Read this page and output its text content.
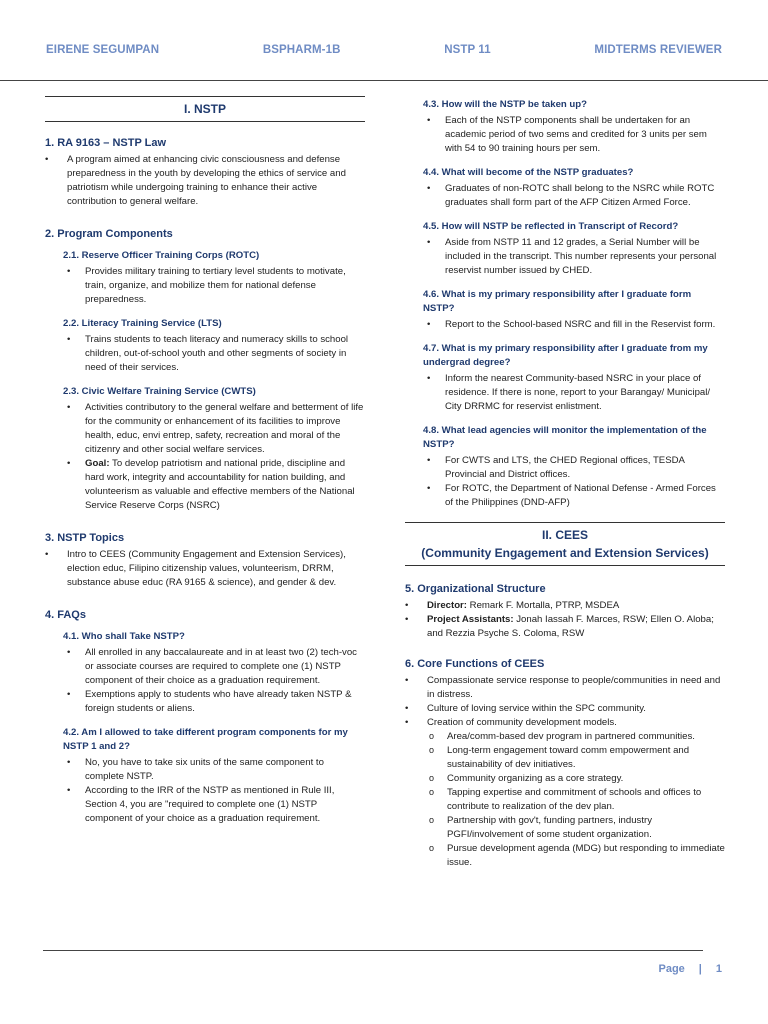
EIRENE SEGUMPAN	BSPHARM-1B	NSTP 11	MIDTERMS REVIEWER
I. NSTP
1. RA 9163 – NSTP Law
• A program aimed at enhancing civic consciousness and defense preparedness in the youth by developing the ethics of service and patriotism while undergoing training to enhance their active contribution to general welfare.
2. Program Components
2.1. Reserve Officer Training Corps (ROTC)
• Provides military training to tertiary level students to motivate, train, organize, and mobilize them for national defense preparedness.
2.2. Literacy Training Service (LTS)
• Trains students to teach literacy and numeracy skills to school children, out-of-school youth and other segments of society in need of their services.
2.3. Civic Welfare Training Service (CWTS)
• Activities contributory to the general welfare and betterment of life for the community or enhancement of its facilities to improve health, educ, envi entrep, safety, recreation and moral of the citizenry and other social welfare services.
• Goal: To develop patriotism and national pride, discipline and hard work, integrity and accountability for nation building, and volunteerism as valuable and effective members of the National Service Reserve Corps (NSRC)
3. NSTP Topics
• Intro to CEES (Community Engagement and Extension Services), election educ, Filipino citizenship values, volunteerism, DRRM, substance abuse educ (RA 9165 & science), and gender & dev.
4. FAQs
4.1. Who shall Take NSTP?
• All enrolled in any baccalaureate and in at least two (2) tech-voc or associate courses are required to complete one (1) NSTP component of their choice as a graduation requirement.
• Exemptions apply to students who have already taken NSTP & foreign students or aliens.
4.2. Am I allowed to take different program components for my NSTP 1 and 2?
• No, you have to take six units of the same component to complete NSTP.
• According to the IRR of the NSTP as mentioned in Rule III, Section 4, you are "required to complete one (1) NSTP component of your choice as a graduation requirement.
4.3. How will the NSTP be taken up?
• Each of the NSTP components shall be undertaken for an academic period of two sems and credited for 3 units per sem with 54 to 90 training hours per sem.
4.4. What will become of the NSTP graduates?
• Graduates of non-ROTC shall belong to the NSRC while ROTC graduates shall form part of the AFP Citizen Armed Force.
4.5. How will NSTP be reflected in Transcript of Record?
• Aside from NSTP 11 and 12 grades, a Serial Number will be included in the transcript. This number represents your personal reservist number issued by CHED.
4.6. What is my primary responsibility after I graduate form NSTP?
• Report to the School-based NSRC and fill in the Reservist form.
4.7. What is my primary responsibility after I graduate from my undergrad degree?
• Inform the nearest Community-based NSRC in your place of residence. If there is none, report to your Barangay/ Municipal/ City DRRMC for reservist enlistment.
4.8. What lead agencies will monitor the implementation of the NSTP?
• For CWTS and LTS, the CHED Regional offices, TESDA Provincial and District offices.
• For ROTC, the Department of National Defense - Armed Forces of the Philippines (DND-AFP)
II. CEES
(Community Engagement and Extension Services)
5. Organizational Structure
• Director: Remark F. Mortalla, PTRP, MSDEA
• Project Assistants: Jonah Iassah F. Marces, RSW; Ellen O. Aloba; and Rezzia Psyche S. Coloma, RSW
6. Core Functions of CEES
• Compassionate service response to people/communities in need and in distress.
• Culture of loving service within the SPC community.
• Creation of community development models.
o Area/comm-based dev program in partnered communities.
o Long-term engagement toward comm empowerment and sustainability of dev initiatives.
o Community organizing as a core strategy.
o Tapping expertise and commitment of schools and offices to contribute to realization of the dev plan.
o Partnership with gov't, funding partners, industry PGFI/involvement of some student organization.
o Pursue development agenda (MDG) but responding to immediate issue.
Page | 1
